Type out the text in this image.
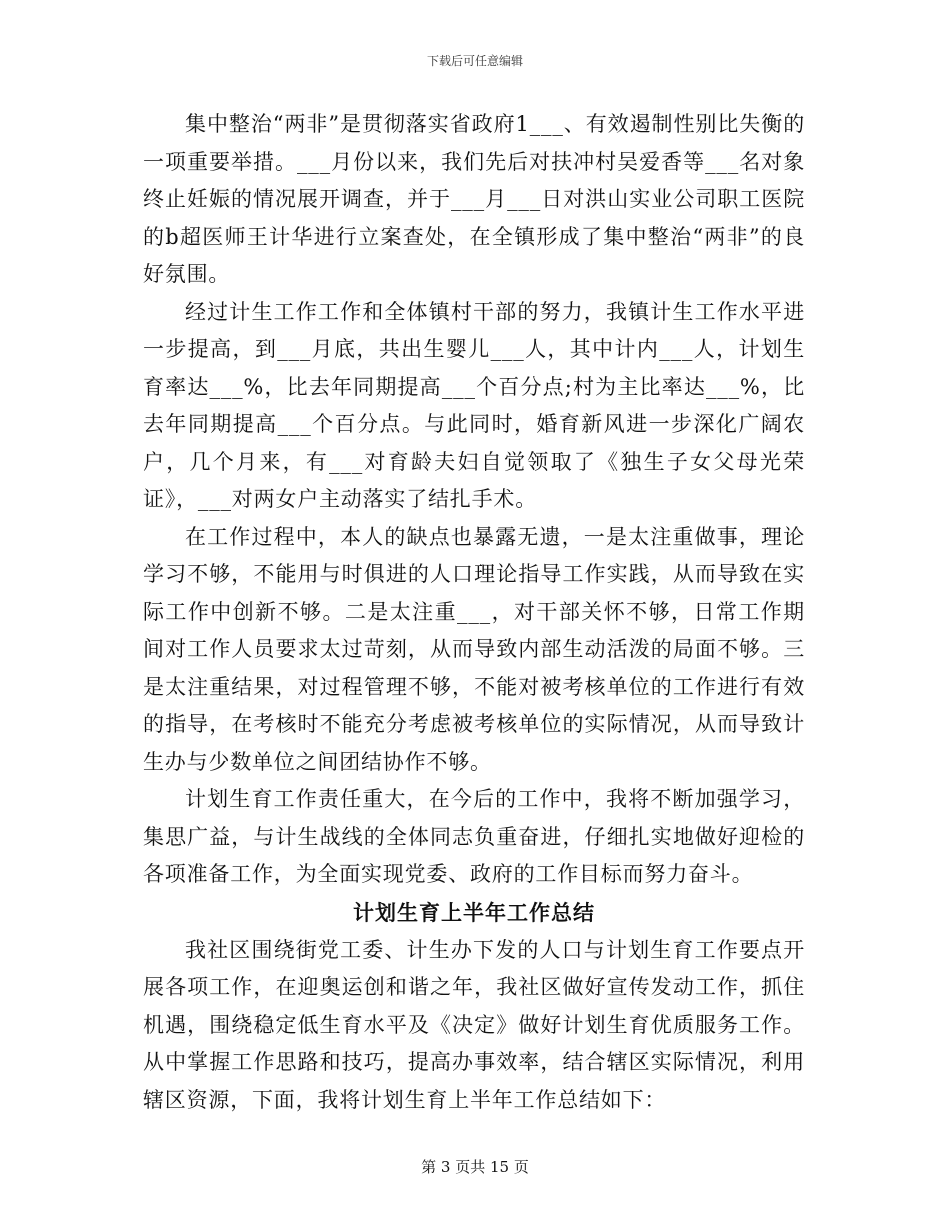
下载后可任意编辑

集中整治“两非”是贯彻落实省政府1___、有效遏制性别比失衡的一项重要举措。___月份以来，我们先后对扶冲村吴爱香等___名对象终止妊娠的情况展开调查，并于___月___日对洪山实业公司职工医院的b超医师王计华进行立案查处，在全镇形成了集中整治“两非”的良好氛围。

经过计生工作工作和全体镇村干部的努力，我镇计生工作水平进一步提高，到___月底，共出生婴儿___人，其中计内___人，计划生育率达___%，比去年同期提高___个百分点;村为主比率达___%，比去年同期提高___个百分点。与此同时，婚育新风进一步深化广阔农户，几个月来，有___对育龄夫妇自觉领取了《独生子女父母光荣证》，___对两女户主动落实了结扎手术。

在工作过程中，本人的缺点也暴露无遗，一是太注重做事，理论学习不够，不能用与时俱进的人口理论指导工作实践，从而导致在实际工作中创新不够。二是太注重___，对干部关怀不够，日常工作期间对工作人员要求太过苛刻，从而导致内部生动活泼的局面不够。三是太注重结果，对过程管理不够，不能对被考核单位的工作进行有效的指导，在考核时不能充分考虑被考核单位的实际情况，从而导致计生办与少数单位之间团结协作不够。

计划生育工作责任重大，在今后的工作中，我将不断加强学习，集思广益，与计生战线的全体同志负重奋进，仔细扎实地做好迎检的各项准备工作，为全面实现党委、政府的工作目标而努力奋斗。

计划生育上半年工作总结

我社区围绕街党工委、计生办下发的人口与计划生育工作要点开展各项工作，在迎奥运创和谐之年，我社区做好宣传发动工作，抓住机遇，围绕稳定低生育水平及《决定》做好计划生育优质服务工作。从中掌握工作思路和技巧，提高办事效率，结合辖区实际情况，利用辖区资源，下面，我将计划生育上半年工作总结如下：

第 3 页共 15 页
